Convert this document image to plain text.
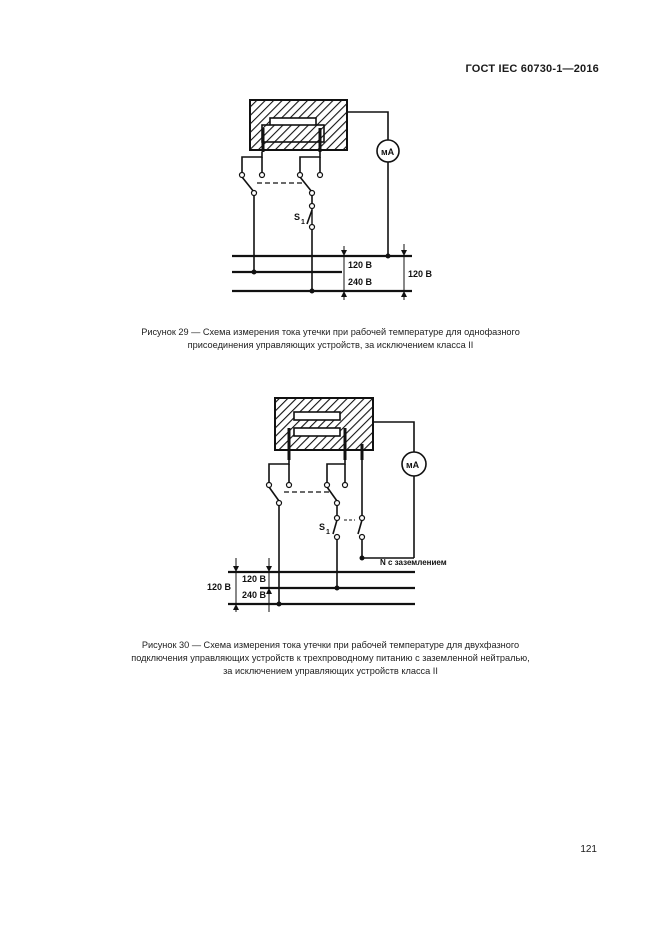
ГОСТ IEC 60730-1—2016
мА
S
1
120 В
240 В
120 В
Рисунок 29 — Схема измерения тока утечки при рабочей температуре для однофазного
присоединения управляющих устройств, за исключением класса II
мА
S
1
N с заземлением
120 В
240 В
120 В
Рисунок 30 — Схема измерения тока утечки при рабочей температуре для двухфазного
подключения управляющих устройств к трехпроводному питанию с заземленной нейтралью,
за исключением управляющих устройств класса II
121
